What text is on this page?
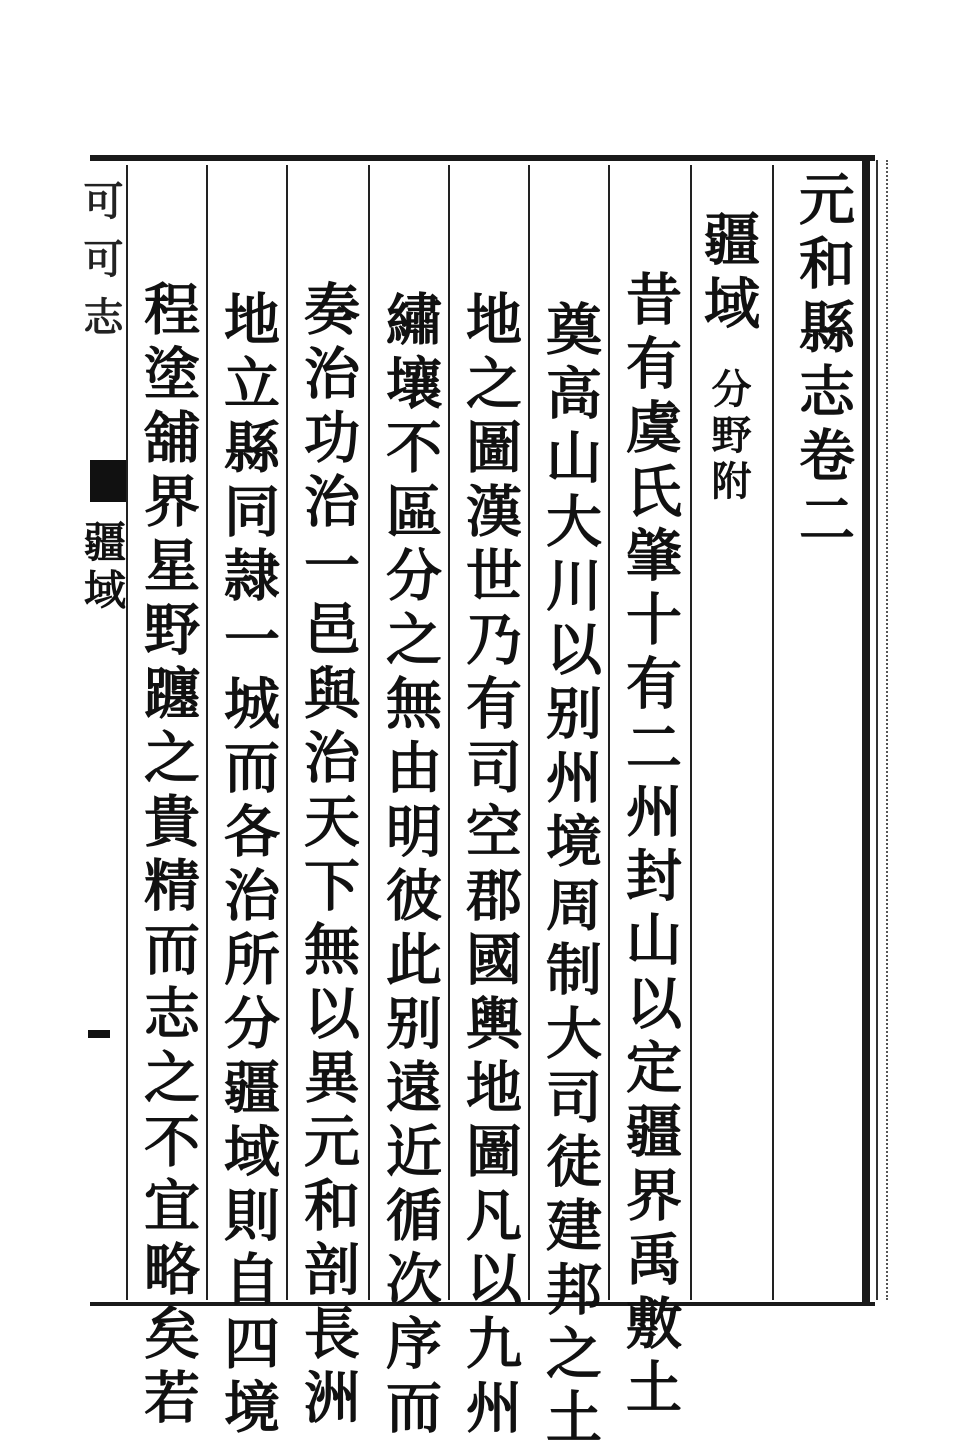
元和縣志卷二
疆域分野附
昔有虞氏肇十有二州封山以定疆界禹敷土
奠高山大川以别州境周制大司徒建邦之土
地之圖漢世乃有司空郡國輿地圖凡以九州
繡壤不區分之無由明彼此别遠近循次序而
奏治功治一邑與治天下無以異元和剖長洲
地立縣同隷一城而各治所分疆域則自四境
程塗舖界星野躔之貴精而志之不宜略矣若
可可志
疆域
